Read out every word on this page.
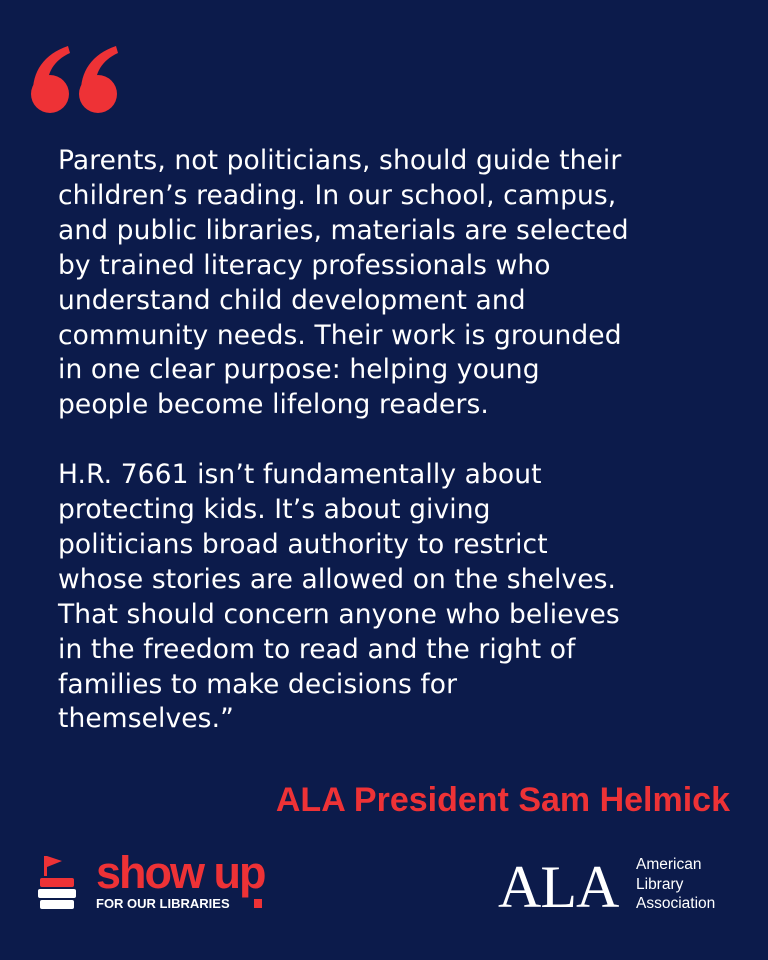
Parents, not politicians, should guide their
children’s reading. In our school, campus,
and public libraries, materials are selected
by trained literacy professionals who
understand child development and
community needs. Their work is grounded
in one clear purpose: helping young
people become lifelong readers.

H.R. 7661 isn’t fundamentally about
protecting kids. It’s about giving
politicians broad authority to restrict
whose stories are allowed on the shelves.
That should concern anyone who believes
in the freedom to read and the right of
families to make decisions for
themselves.”

ALA President Sam Helmick
show up
FOR OUR LIBRARIES	ALA American
Library
Association
